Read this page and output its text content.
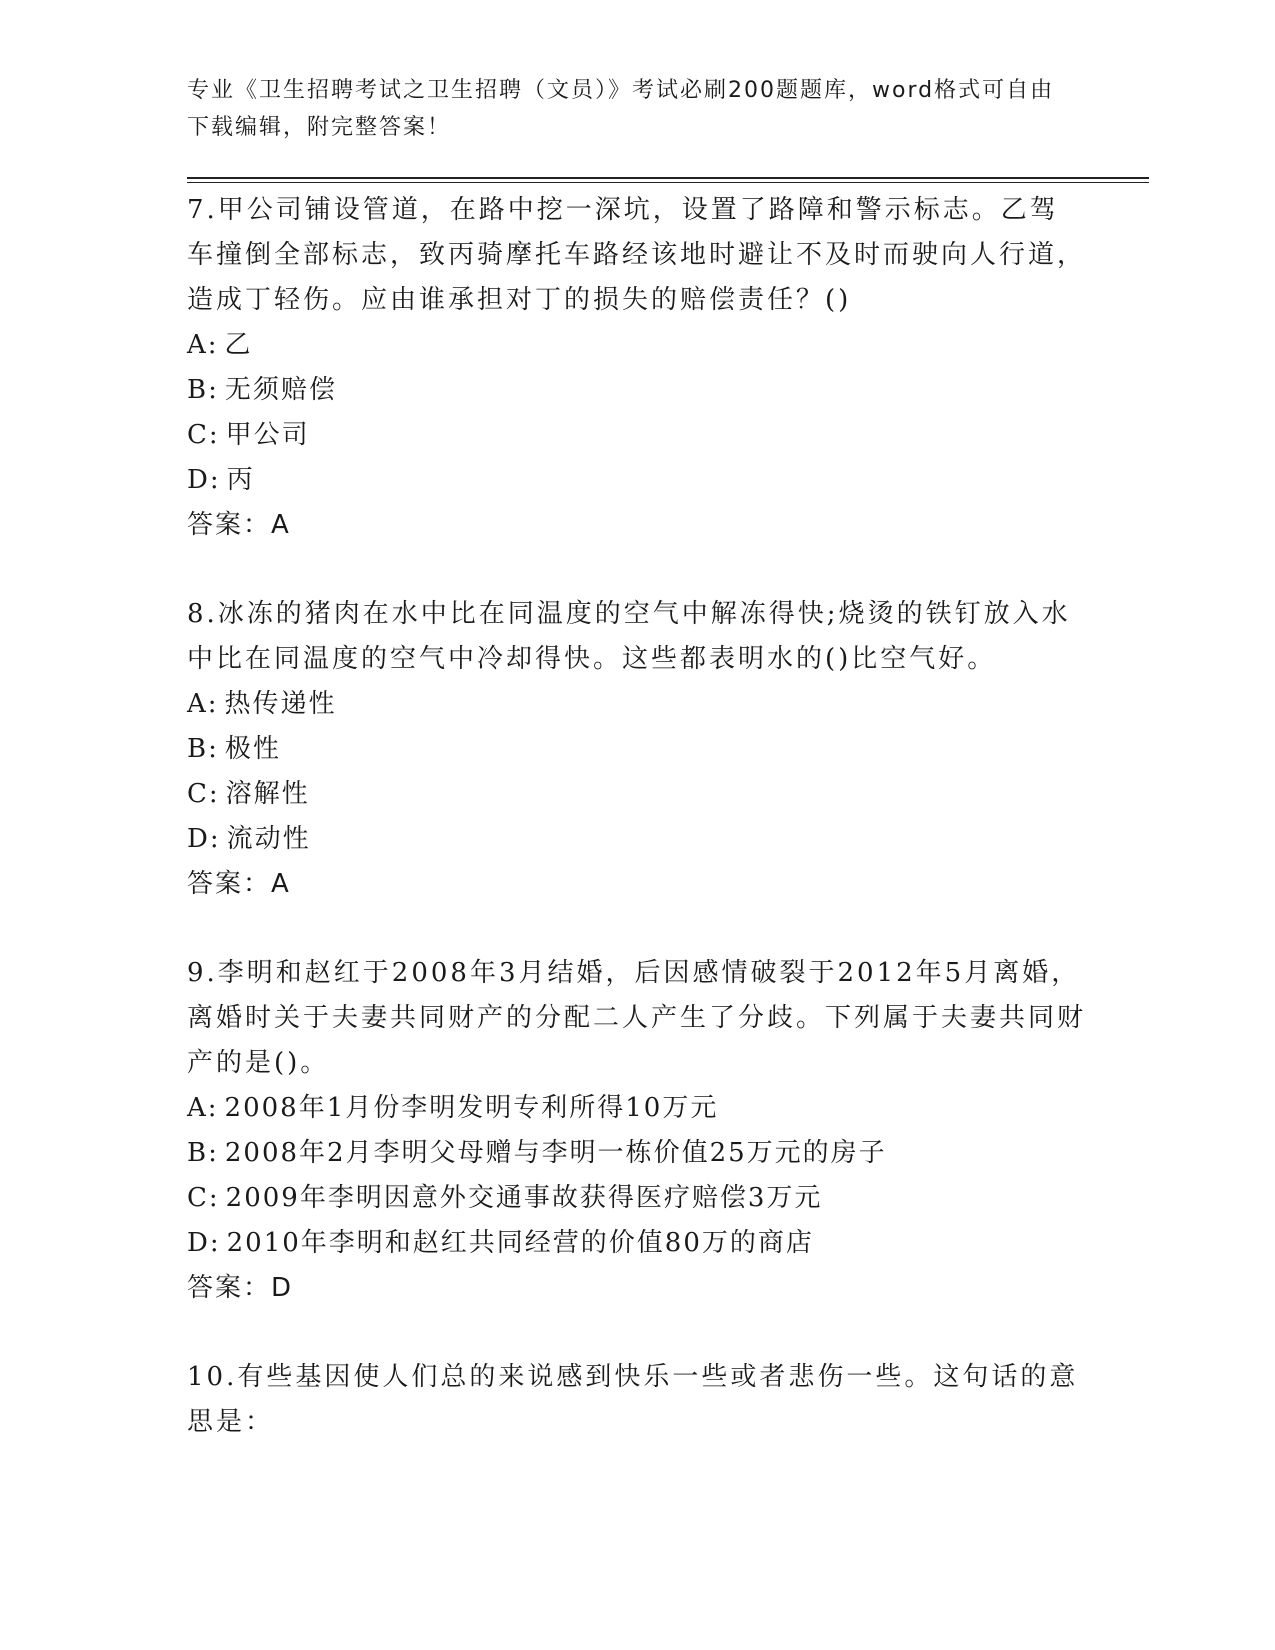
专业《卫生招聘考试之卫生招聘（文员）》考试必刷200题题库，word格式可自由下载编辑，附完整答案！
7.甲公司铺设管道，在路中挖一深坑，设置了路障和警示标志。乙驾车撞倒全部标志，致丙骑摩托车路经该地时避让不及时而驶向人行道，造成丁轻伤。应由谁承担对丁的损失的赔偿责任？()
A: 乙
B: 无须赔偿
C: 甲公司
D: 丙
答案：A
8.冰冻的猪肉在水中比在同温度的空气中解冻得快;烧烫的铁钉放入水中比在同温度的空气中冷却得快。这些都表明水的()比空气好。
A: 热传递性
B: 极性
C: 溶解性
D: 流动性
答案：A
9.李明和赵红于2008年3月结婚，后因感情破裂于2012年5月离婚，离婚时关于夫妻共同财产的分配二人产生了分歧。下列属于夫妻共同财产的是()。
A: 2008年1月份李明发明专利所得10万元
B: 2008年2月李明父母赠与李明一栋价值25万元的房子
C: 2009年李明因意外交通事故获得医疗赔偿3万元
D: 2010年李明和赵红共同经营的价值80万的商店
答案：D
10.有些基因使人们总的来说感到快乐一些或者悲伤一些。这句话的意思是：
